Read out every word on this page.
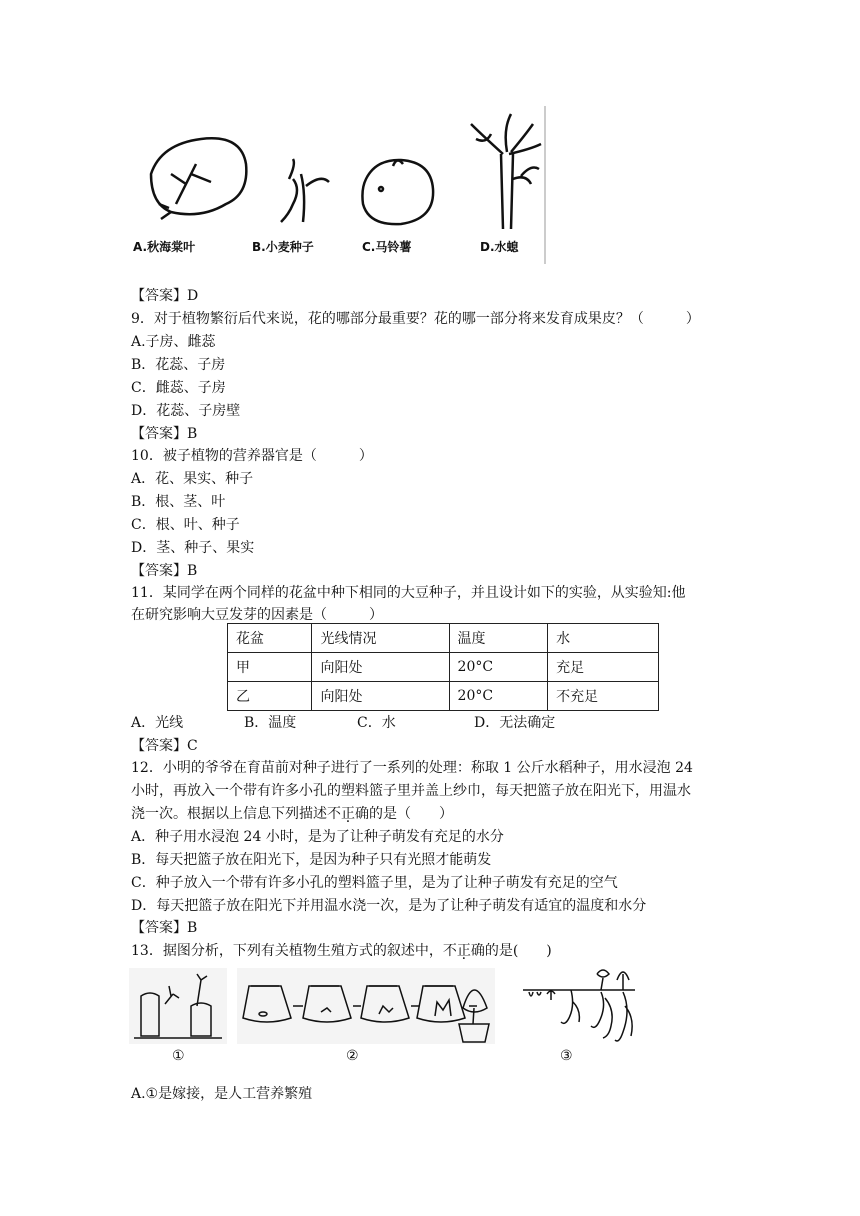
A.秋海棠叶	B.小麦种子	C.马铃薯	D.水螅
【答案】D
9．对于植物繁衍后代来说，花的哪部分最重要？花的哪一部分将来发育成果皮？（　　　）
A.子房、雌蕊
B．花蕊、子房
C．雌蕊、子房
D．花蕊、子房壁
【答案】B
10．被子植物的营养器官是（　　　）
A．花、果实、种子
B．根、茎、叶
C．根、叶、种子
D．茎、种子、果实
【答案】B
11．某同学在两个同样的花盆中种下相同的大豆种子，并且设计如下的实验，从实验知:他
在研究影响大豆发芽的因素是（　　　）
花盆	光线情况	温度	水
甲	向阳处	20°C	充足
乙	向阳处	20°C	不充足
A．光线	B．温度	C．水	D．无法确定
【答案】C
12．小明的爷爷在育苗前对种子进行了一系列的处理：称取 1 公斤水稻种子，用水浸泡 24
小时，再放入一个带有许多小孔的塑料篮子里并盖上纱巾，每天把篮子放在阳光下，用温水
浇一次。根据以上信息下列描述不正确的是（　　）
A．种子用水浸泡 24 小时，是为了让种子萌发有充足的水分
B．每天把篮子放在阳光下，是因为种子只有光照才能萌发
C．种子放入一个带有许多小孔的塑料篮子里，是为了让种子萌发有充足的空气
D．每天把篮子放在阳光下并用温水浇一次，是为了让种子萌发有适宜的温度和水分
【答案】B
13．据图分析，下列有关植物生殖方式的叙述中，不正确的是(　　)
①	②	③
A.①是嫁接，是人工营养繁殖
